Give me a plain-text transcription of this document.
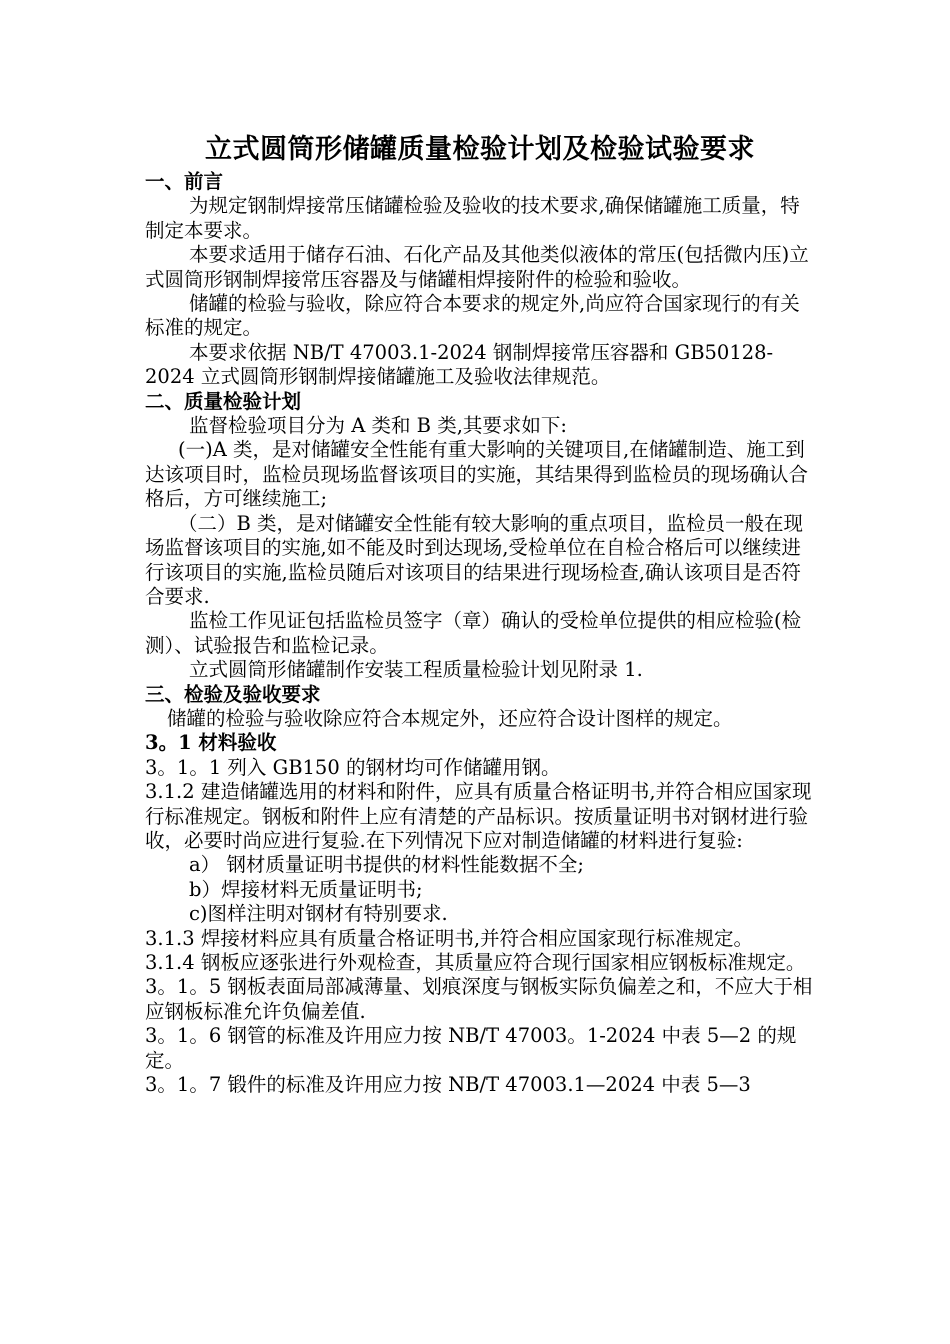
立式圆筒形储罐质量检验计划及检验试验要求

一、前言

为规定钢制焊接常压储罐检验及验收的技术要求,确保储罐施工质量，特制定本要求。

本要求适用于储存石油、石化产品及其他类似液体的常压(包括微内压)立式圆筒形钢制焊接常压容器及与储罐相焊接附件的检验和验收。

储罐的检验与验收，除应符合本要求的规定外,尚应符合国家现行的有关标准的规定。

本要求依据 NB/T 47003.1-2024 钢制焊接常压容器和 GB50128-2024 立式圆筒形钢制焊接储罐施工及验收法律规范。

二、质量检验计划

监督检验项目分为 A 类和 B 类,其要求如下:

(一)A 类，是对储罐安全性能有重大影响的关键项目,在储罐制造、施工到达该项目时，监检员现场监督该项目的实施，其结果得到监检员的现场确认合格后，方可继续施工;

（二）B 类，是对储罐安全性能有较大影响的重点项目，监检员一般在现场监督该项目的实施,如不能及时到达现场,受检单位在自检合格后可以继续进行该项目的实施,监检员随后对该项目的结果进行现场检查,确认该项目是否符合要求.

监检工作见证包括监检员签字（章）确认的受检单位提供的相应检验(检测）、试验报告和监检记录。

立式圆筒形储罐制作安装工程质量检验计划见附录 1.

三、检验及验收要求

储罐的检验与验收除应符合本规定外，还应符合设计图样的规定。

3。1 材料验收

3。1。1 列入 GB150 的钢材均可作储罐用钢。

3.1.2 建造储罐选用的材料和附件，应具有质量合格证明书,并符合相应国家现行标准规定。钢板和附件上应有清楚的产品标识。按质量证明书对钢材进行验收，必要时尚应进行复验.在下列情况下应对制造储罐的材料进行复验:

a） 钢材质量证明书提供的材料性能数据不全;

b）焊接材料无质量证明书;

c)图样注明对钢材有特别要求.

3.1.3 焊接材料应具有质量合格证明书,并符合相应国家现行标准规定。

3.1.4 钢板应逐张进行外观检查，其质量应符合现行国家相应钢板标准规定。

3。1。5 钢板表面局部减薄量、划痕深度与钢板实际负偏差之和，不应大于相应钢板标准允许负偏差值.

3。1。6 钢管的标准及许用应力按 NB/T 47003。1-2024 中表 5—2 的规定。

3。1。7 锻件的标准及许用应力按 NB/T 47003.1—2024 中表 5—3
